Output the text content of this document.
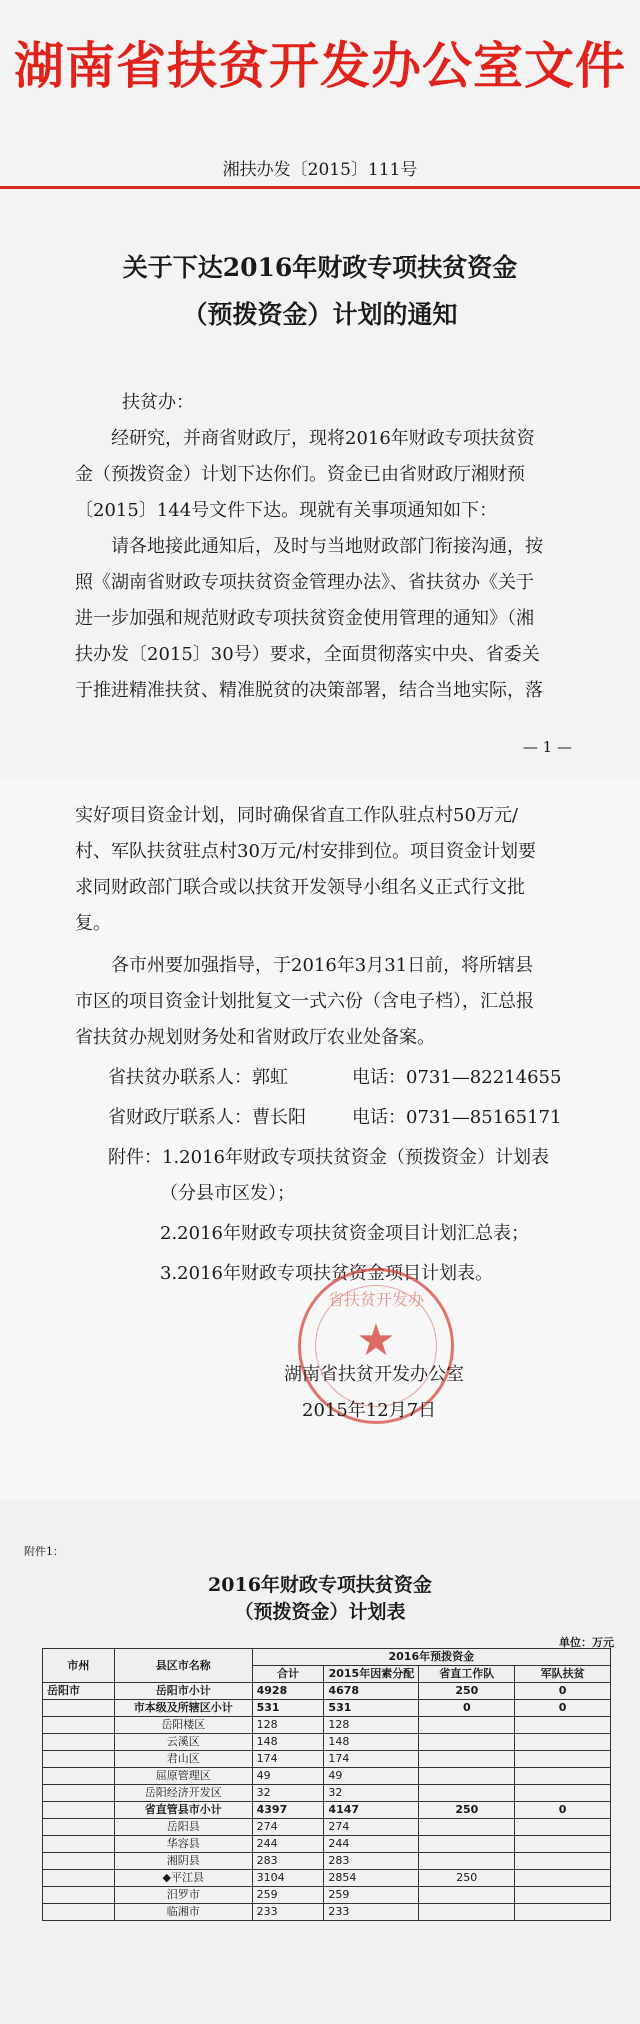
湖南省扶贫开发办公室文件
湘扶办发〔2015〕111号
关于下达2016年财政专项扶贫资金
（预拨资金）计划的通知
扶贫办：
经研究，并商省财政厅，现将2016年财政专项扶贫资
金（预拨资金）计划下达你们。资金已由省财政厅湘财预
〔2015〕144号文件下达。现就有关事项通知如下：
请各地接此通知后，及时与当地财政部门衔接沟通，按
照《湖南省财政专项扶贫资金管理办法》、省扶贫办《关于
进一步加强和规范财政专项扶贫资金使用管理的通知》（湘
扶办发〔2015〕30号）要求，全面贯彻落实中央、省委关
于推进精准扶贫、精准脱贫的决策部署，结合当地实际，落
— 1 —
实好项目资金计划，同时确保省直工作队驻点村50万元/
村、军队扶贫驻点村30万元/村安排到位。项目资金计划要
求同财政部门联合或以扶贫开发领导小组名义正式行文批
复。
各市州要加强指导，于2016年3月31日前，将所辖县
市区的项目资金计划批复文一式六份（含电子档），汇总报
省扶贫办规划财务处和省财政厅农业处备案。
省扶贫办联系人：郭虹	电话：0731—82214655
省财政厅联系人：曹长阳	电话：0731—85165171
附件：1.2016年财政专项扶贫资金（预拨资金）计划表
（分县市区发）；
2.2016年财政专项扶贫资金项目计划汇总表；
3.2016年财政专项扶贫资金项目计划表。
省扶贫开发办
★
湖南省扶贫开发办公室
2015年12月7日
附件1：
2016年财政专项扶贫资金
（预拨资金）计划表
单位：万元
市州	县区市名称	2016年预拨资金			
		合计	2015年因素分配	省直工作队	军队扶贫
岳阳市	岳阳市小计	4928	4678	250	0
	市本级及所辖区小计	531	531	0	0
	岳阳楼区	128	128		
	云溪区	148	148		
	君山区	174	174		
	屈原管理区	49	49		
	岳阳经济开发区	32	32		
	省直管县市小计	4397	4147	250	0
	岳阳县	274	274		
	华容县	244	244		
	湘阴县	283	283		
	◆平江县	3104	2854	250	
	汨罗市	259	259		
	临湘市	233	233		
